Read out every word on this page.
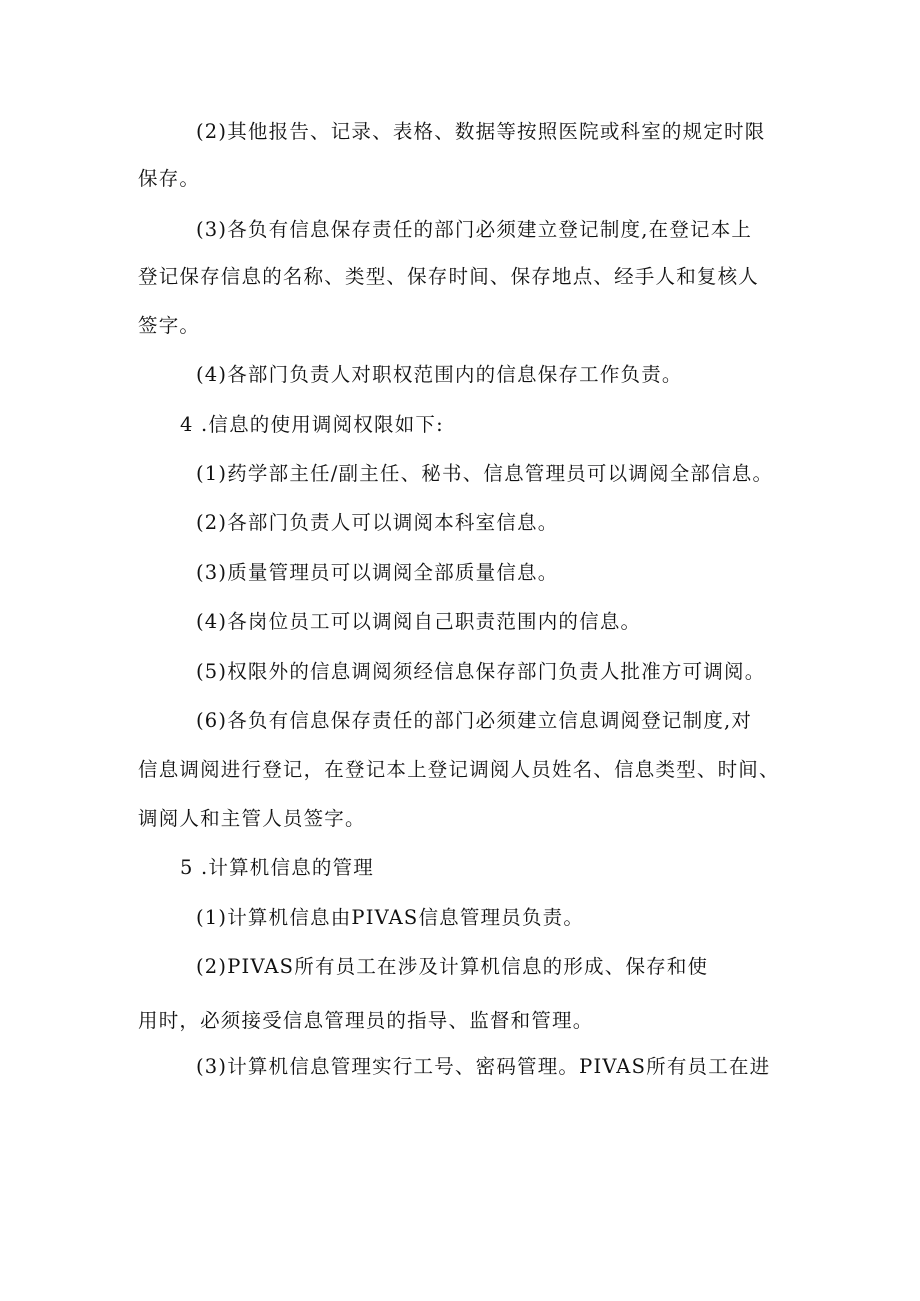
(2)其他报告、记录、表格、数据等按照医院或科室的规定时限
保存。
(3)各负有信息保存责任的部门必须建立登记制度,在登记本上
登记保存信息的名称、类型、保存时间、保存地点、经手人和复核人
签字。
(4)各部门负责人对职权范围内的信息保存工作负责。
4 .信息的使用调阅权限如下:
(1)药学部主任/副主任、秘书、信息管理员可以调阅全部信息。
(2)各部门负责人可以调阅本科室信息。
(3)质量管理员可以调阅全部质量信息。
(4)各岗位员工可以调阅自己职责范围内的信息。
(5)权限外的信息调阅须经信息保存部门负责人批准方可调阅。
(6)各负有信息保存责任的部门必须建立信息调阅登记制度,对
信息调阅进行登记，在登记本上登记调阅人员姓名、信息类型、时间、
调阅人和主管人员签字。
5 .计算机信息的管理
(1)计算机信息由PIVAS信息管理员负责。
(2)PIVAS所有员工在涉及计算机信息的形成、保存和使
用时，必须接受信息管理员的指导、监督和管理。
(3)计算机信息管理实行工号、密码管理。PIVAS所有员工在进
